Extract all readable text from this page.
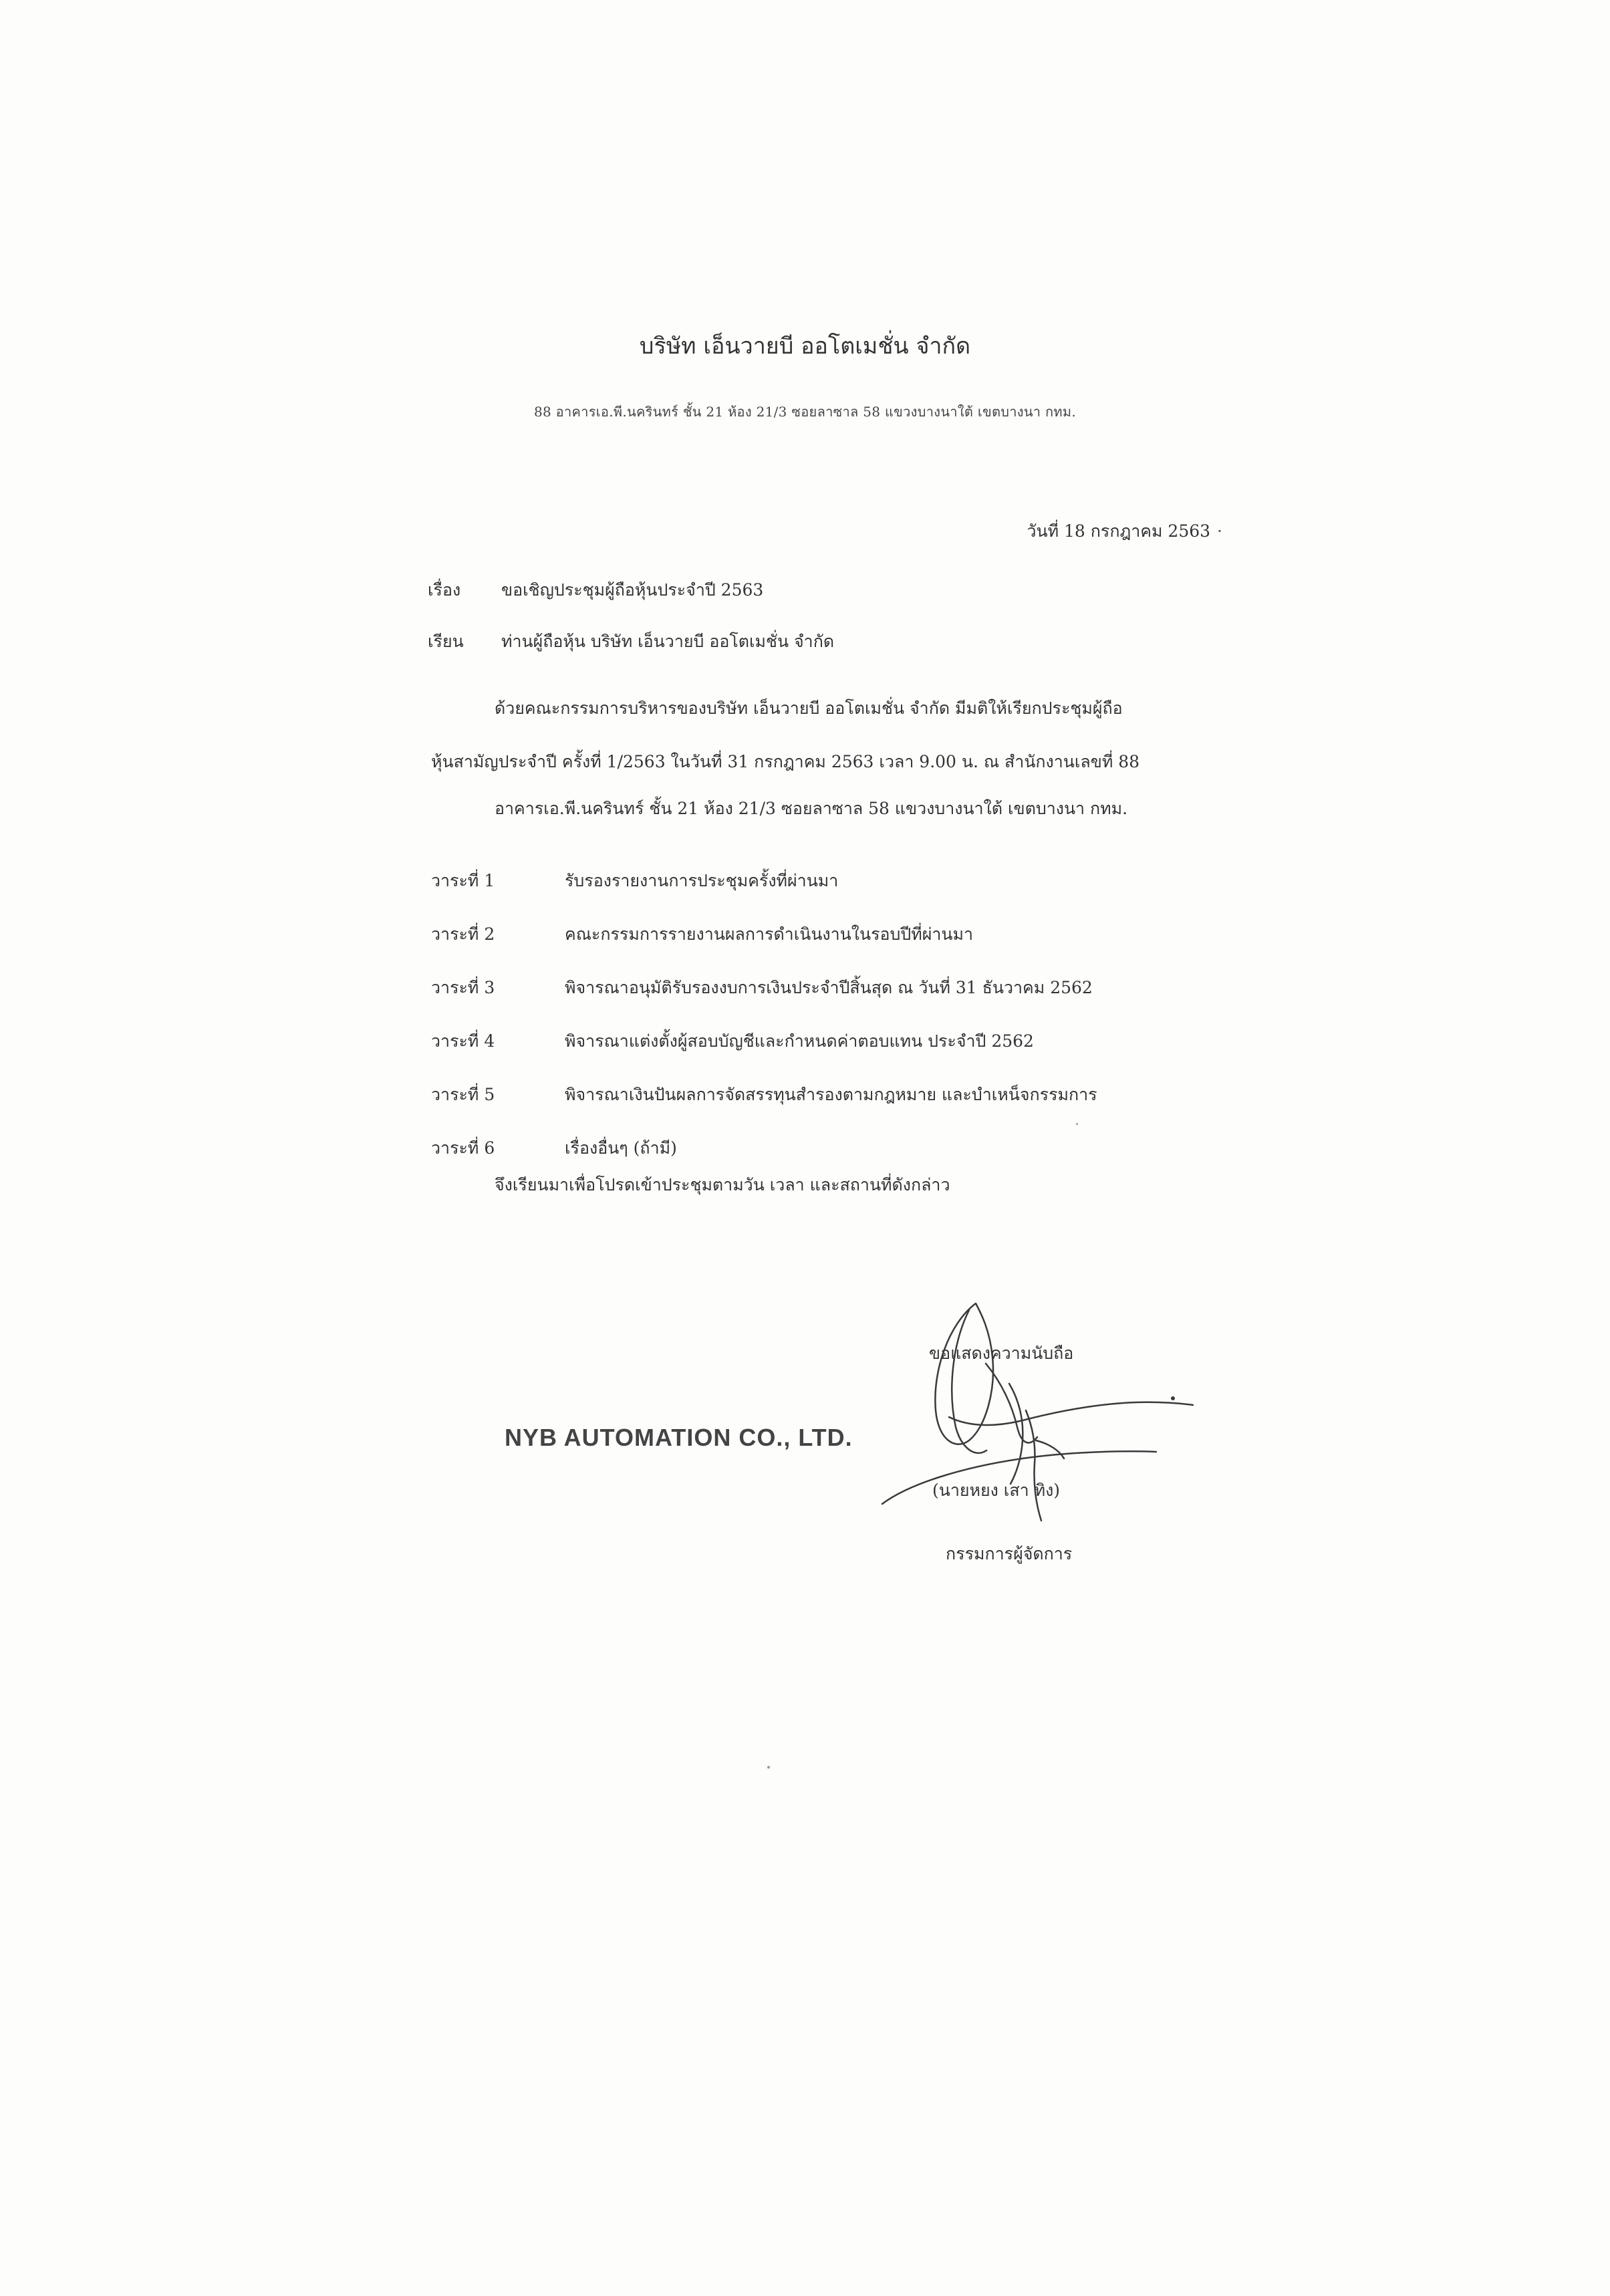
บริษัท เอ็นวายบี ออโตเมชั่น จำกัด
88 อาคารเอ.พี.นครินทร์ ชั้น 21 ห้อง 21/3 ซอยลาซาล 58 แขวงบางนาใต้ เขตบางนา กทม.
วันที่ 18 กรกฎาคม 2563 ·
เรื่อง ขอเชิญประชุมผู้ถือหุ้นประจำปี 2563
เรียน ท่านผู้ถือหุ้น บริษัท เอ็นวายบี ออโตเมชั่น จำกัด
ด้วยคณะกรรมการบริหารของบริษัท เอ็นวายบี ออโตเมชั่น จำกัด มีมติให้เรียกประชุมผู้ถือ
หุ้นสามัญประจำปี ครั้งที่ 1/2563 ในวันที่ 31 กรกฎาคม 2563 เวลา 9.00 น. ณ สำนักงานเลขที่ 88
อาคารเอ.พี.นครินทร์ ชั้น 21 ห้อง 21/3 ซอยลาซาล 58 แขวงบางนาใต้ เขตบางนา กทม.
วาระที่ 1	รับรองรายงานการประชุมครั้งที่ผ่านมา
วาระที่ 2	คณะกรรมการรายงานผลการดำเนินงานในรอบปีที่ผ่านมา
วาระที่ 3	พิจารณาอนุมัติรับรองงบการเงินประจำปีสิ้นสุด ณ วันที่ 31 ธันวาคม 2562
วาระที่ 4	พิจารณาแต่งตั้งผู้สอบบัญชีและกำหนดค่าตอบแทน ประจำปี 2562
วาระที่ 5	พิจารณาเงินปันผลการจัดสรรทุนสำรองตามกฎหมาย และบำเหน็จกรรมการ
วาระที่ 6	เรื่องอื่นๆ (ถ้ามี)
จึงเรียนมาเพื่อโปรดเข้าประชุมตามวัน เวลา และสถานที่ดังกล่าว
ขอแสดงความนับถือ
NYB AUTOMATION CO., LTD.
(นายหยง เสา ทิง)
กรรมการผู้จัดการ
